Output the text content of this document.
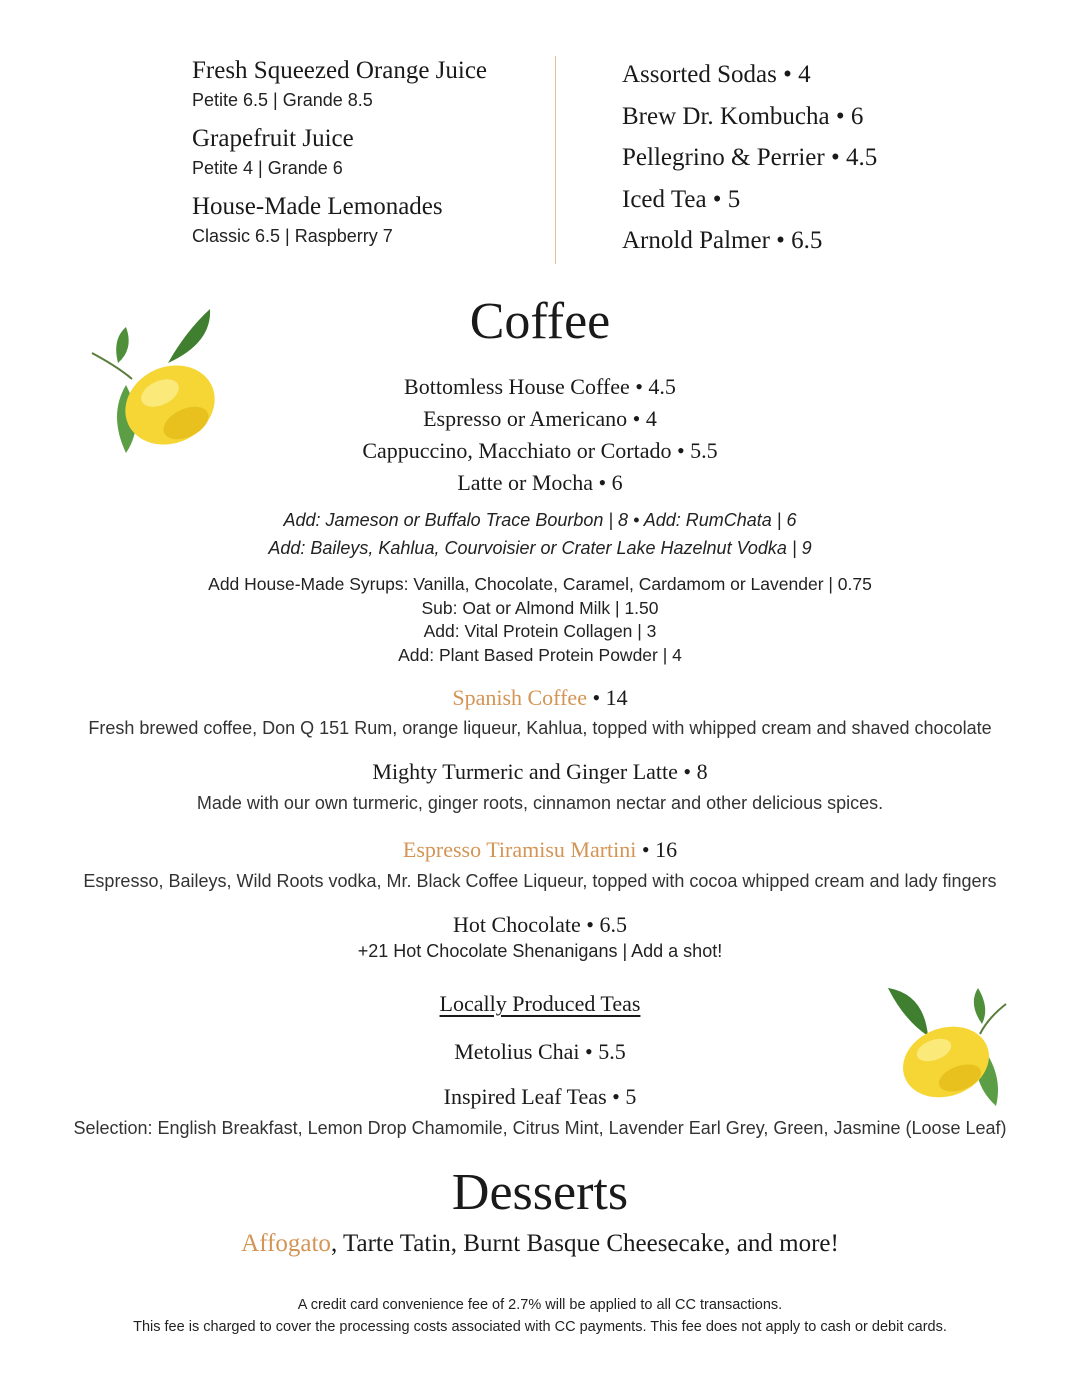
Fresh Squeezed Orange Juice
Petite 6.5 | Grande 8.5
Grapefruit Juice
Petite 4 | Grande 6
House-Made Lemonades
Classic 6.5 | Raspberry 7
Assorted Sodas • 4
Brew Dr. Kombucha • 6
Pellegrino & Perrier • 4.5
Iced Tea • 5
Arnold Palmer • 6.5
Coffee
Bottomless House Coffee • 4.5
Espresso or Americano • 4
Cappuccino, Macchiato or Cortado • 5.5
Latte or Mocha • 6
Add: Jameson or Buffalo Trace Bourbon | 8 • Add: RumChata | 6
Add: Baileys, Kahlua, Courvoisier or Crater Lake Hazelnut Vodka | 9
Add House-Made Syrups: Vanilla, Chocolate, Caramel, Cardamom or Lavender | 0.75
Sub: Oat or Almond Milk | 1.50
Add: Vital Protein Collagen | 3
Add: Plant Based Protein Powder | 4
Spanish Coffee • 14
Fresh brewed coffee, Don Q 151 Rum, orange liqueur, Kahlua, topped with whipped cream and shaved chocolate
Mighty Turmeric and Ginger Latte • 8
Made with our own turmeric, ginger roots, cinnamon nectar and other delicious spices.
Espresso Tiramisu Martini • 16
Espresso, Baileys, Wild Roots vodka, Mr. Black Coffee Liqueur, topped with cocoa whipped cream and lady fingers
Hot Chocolate • 6.5
+21 Hot Chocolate Shenanigans | Add a shot!
Locally Produced Teas
Metolius Chai • 5.5
Inspired Leaf Teas • 5
Selection: English Breakfast, Lemon Drop Chamomile, Citrus Mint, Lavender Earl Grey, Green, Jasmine (Loose Leaf)
Desserts
Affogato, Tarte Tatin, Burnt Basque Cheesecake, and more!
A credit card convenience fee of 2.7% will be applied to all CC transactions.
This fee is charged to cover the processing costs associated with CC payments. This fee does not apply to cash or debit cards.
